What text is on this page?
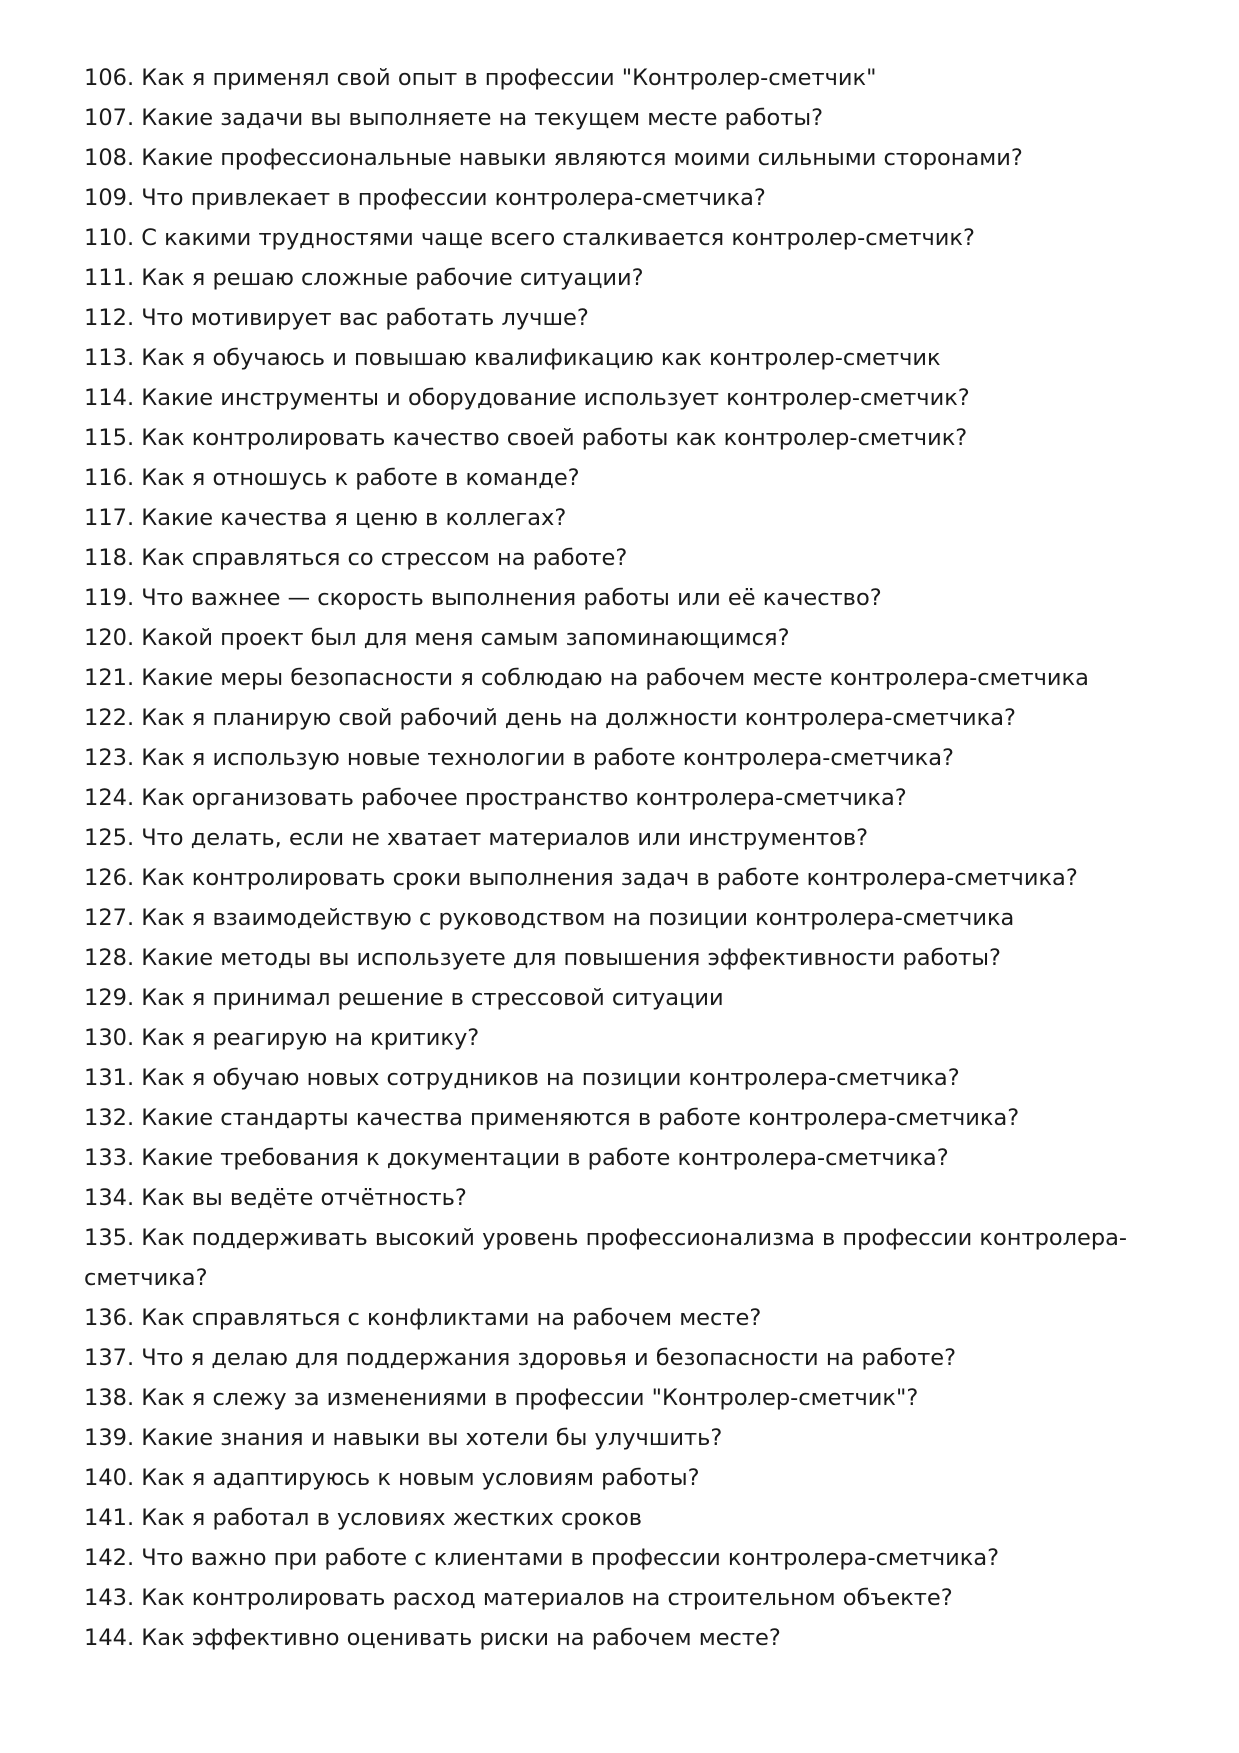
106. Как я применял свой опыт в профессии "Контролер-сметчик"
107. Какие задачи вы выполняете на текущем месте работы?
108. Какие профессиональные навыки являются моими сильными сторонами?
109. Что привлекает в профессии контролера-сметчика?
110. С какими трудностями чаще всего сталкивается контролер-сметчик?
111. Как я решаю сложные рабочие ситуации?
112. Что мотивирует вас работать лучше?
113. Как я обучаюсь и повышаю квалификацию как контролер-сметчик
114. Какие инструменты и оборудование использует контролер-сметчик?
115. Как контролировать качество своей работы как контролер-сметчик?
116. Как я отношусь к работе в команде?
117. Какие качества я ценю в коллегах?
118. Как справляться со стрессом на работе?
119. Что важнее — скорость выполнения работы или её качество?
120. Какой проект был для меня самым запоминающимся?
121. Какие меры безопасности я соблюдаю на рабочем месте контролера-сметчика
122. Как я планирую свой рабочий день на должности контролера-сметчика?
123. Как я использую новые технологии в работе контролера-сметчика?
124. Как организовать рабочее пространство контролера-сметчика?
125. Что делать, если не хватает материалов или инструментов?
126. Как контролировать сроки выполнения задач в работе контролера-сметчика?
127. Как я взаимодействую с руководством на позиции контролера-сметчика
128. Какие методы вы используете для повышения эффективности работы?
129. Как я принимал решение в стрессовой ситуации
130. Как я реагирую на критику?
131. Как я обучаю новых сотрудников на позиции контролера-сметчика?
132. Какие стандарты качества применяются в работе контролера-сметчика?
133. Какие требования к документации в работе контролера-сметчика?
134. Как вы ведёте отчётность?
135. Как поддерживать высокий уровень профессионализма в профессии контролера-сметчика?
136. Как справляться с конфликтами на рабочем месте?
137. Что я делаю для поддержания здоровья и безопасности на работе?
138. Как я слежу за изменениями в профессии "Контролер-сметчик"?
139. Какие знания и навыки вы хотели бы улучшить?
140. Как я адаптируюсь к новым условиям работы?
141. Как я работал в условиях жестких сроков
142. Что важно при работе с клиентами в профессии контролера-сметчика?
143. Как контролировать расход материалов на строительном объекте?
144. Как эффективно оценивать риски на рабочем месте?
